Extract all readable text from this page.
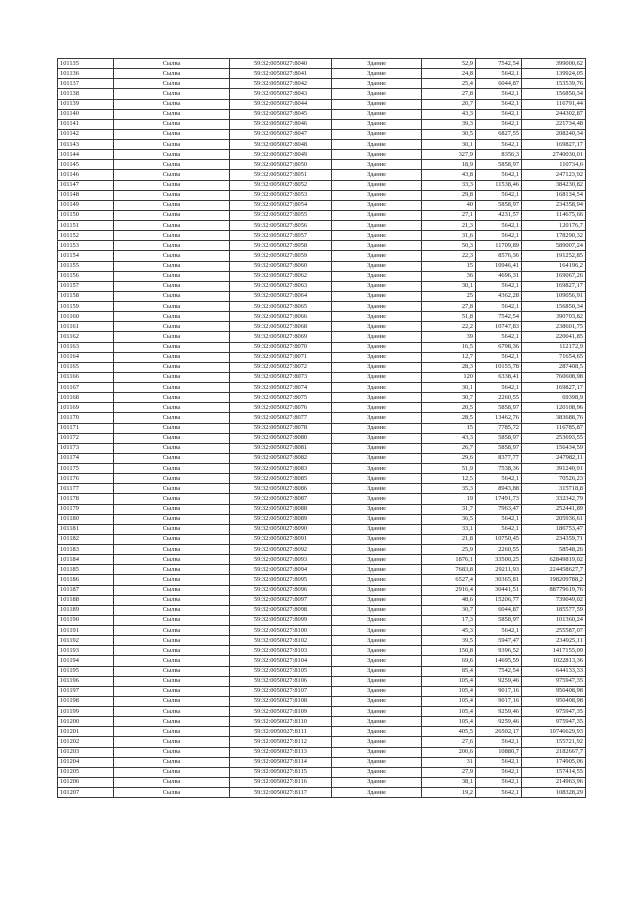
101135	Сылва	59:32:0050027:8040	Здание	52,9	7542,54	399000,62
101136	Сылва	59:32:0050027:8041	Здание	24,8	5642,1	139924,05
101137	Сылва	59:32:0050027:8042	Здание	25,4	6044,87	153539,76
101138	Сылва	59:32:0050027:8043	Здание	27,8	5642,1	156850,34
101139	Сылва	59:32:0050027:8044	Здание	20,7	5642,1	116791,44
101140	Сылва	59:32:0050027:8045	Здание	43,3	5642,1	244302,87
101141	Сылва	59:32:0050027:8046	Здание	39,3	5642,1	221734,48
101142	Сылва	59:32:0050027:8047	Здание	30,5	6827,55	208240,34
101143	Сылва	59:32:0050027:8048	Здание	30,1	5642,1	169827,17
101144	Сылва	59:32:0050027:8049	Здание	327,9	8356,3	2740030,01
101145	Сылва	59:32:0050027:8050	Здание	18,9	5858,97	110734,6
101146	Сылва	59:32:0050027:8051	Здание	43,8	5642,1	247123,92
101147	Сылва	59:32:0050027:8052	Здание	33,3	11538,46	384230,82
101148	Сылва	59:32:0050027:8053	Здание	29,8	5642,1	168134,54
101149	Сылва	59:32:0050027:8054	Здание	40	5858,97	234358,94
101150	Сылва	59:32:0050027:8055	Здание	27,1	4231,57	114675,66
101151	Сылва	59:32:0050027:8056	Здание	21,3	5642,1	120176,7
101152	Сылва	59:32:0050027:8057	Здание	31,6	5642,1	178290,32
101153	Сылва	59:32:0050027:8058	Здание	50,3	11709,89	589007,24
101154	Сылва	59:32:0050027:8059	Здание	22,3	8576,36	191252,85
101155	Сылва	59:32:0050027:8060	Здание	15	10946,41	164196,2
101156	Сылва	59:32:0050027:8062	Здание	36	4696,31	169067,26
101157	Сылва	59:32:0050027:8063	Здание	30,1	5642,1	169827,17
101158	Сылва	59:32:0050027:8064	Здание	25	4362,28	109056,91
101159	Сылва	59:32:0050027:8065	Здание	27,8	5642,1	156850,34
101160	Сылва	59:32:0050027:8066	Здание	51,8	7542,54	390703,82
101161	Сылва	59:32:0050027:8068	Здание	22,2	10747,83	238601,75
101162	Сылва	59:32:0050027:8069	Здание	39	5642,1	220041,85
101163	Сылва	59:32:0050027:8070	Здание	16,5	6798,36	112172,9
101164	Сылва	59:32:0050027:8071	Здание	12,7	5642,1	71654,65
101165	Сылва	59:32:0050027:8072	Здание	28,3	10155,78	287408,5
101166	Сылва	59:32:0050027:8073	Здание	120	6338,41	760608,98
101167	Сылва	59:32:0050027:8074	Здание	30,1	5642,1	169827,17
101168	Сылва	59:32:0050027:8075	Здание	30,7	2260,55	69398,9
101169	Сылва	59:32:0050027:8076	Здание	20,5	5858,97	120108,96
101170	Сылва	59:32:0050027:8077	Здание	28,5	13462,76	383688,76
101171	Сылва	59:32:0050027:8078	Здание	15	7785,72	116785,87
101172	Сылва	59:32:0050027:8080	Здание	43,3	5858,97	253693,55
101173	Сылва	59:32:0050027:8081	Здание	26,7	5858,97	156434,59
101174	Сылва	59:32:0050027:8082	Здание	29,6	8377,77	247982,11
101175	Сылва	59:32:0050027:8083	Здание	51,9	7538,36	391240,91
101176	Сылва	59:32:0050027:8085	Здание	12,5	5642,1	70526,23
101177	Сылва	59:32:0050027:8086	Здание	35,3	8943,88	315718,8
101178	Сылва	59:32:0050027:8087	Здание	19	17491,73	332342,79
101179	Сылва	59:32:0050027:8088	Здание	31,7	7963,47	252441,89
101180	Сылва	59:32:0050027:8089	Здание	36,5	5642,1	205936,61
101181	Сылва	59:32:0050027:8090	Здание	33,1	5642,1	186753,47
101182	Сылва	59:32:0050027:8091	Здание	21,8	10750,45	234359,71
101183	Сылва	59:32:0050027:8092	Здание	25,9	2260,55	58548,26
101184	Сылва	59:32:0050027:8093	Здание	1876,1	33500,25	62849819,02
101185	Сылва	59:32:0050027:8094	Здание	7683,8	29211,93	224458627,7
101186	Сылва	59:32:0050027:8095	Здание	6527,4	30365,81	198209788,2
101187	Сылва	59:32:0050027:8096	Здание	2916,4	30441,51	88779619,76
101188	Сылва	59:32:0050027:8097	Здание	48,6	15206,77	739049,02
101189	Сылва	59:32:0050027:8098	Здание	30,7	6044,87	185577,59
101190	Сылва	59:32:0050027:8099	Здание	17,3	5858,97	101360,24
101191	Сылва	59:32:0050027:8100	Здание	45,3	5642,1	255587,07
101192	Сылва	59:32:0050027:8102	Здание	39,5	5947,47	234925,11
101193	Сылва	59:32:0050027:8103	Здание	150,8	9396,52	1417155,09
101194	Сылва	59:32:0050027:8104	Здание	69,6	14695,59	1022813,36
101195	Сылва	59:32:0050027:8105	Здание	85,4	7542,54	644133,33
101196	Сылва	59:32:0050027:8106	Здание	105,4	9259,46	975947,35
101197	Сылва	59:32:0050027:8107	Здание	105,4	9017,16	950408,98
101198	Сылва	59:32:0050027:8108	Здание	105,4	9017,16	950408,98
101199	Сылва	59:32:0050027:8109	Здание	105,4	9259,46	975947,35
101200	Сылва	59:32:0050027:8110	Здание	105,4	9259,46	975947,35
101201	Сылва	59:32:0050027:8111	Здание	405,5	26502,17	10746629,93
101202	Сылва	59:32:0050027:8112	Здание	27,6	5642,1	155721,92
101203	Сылва	59:32:0050027:8113	Здание	200,6	10880,7	2182667,7
101204	Сылва	59:32:0050027:8114	Здание	31	5642,1	174905,06
101205	Сылва	59:32:0050027:8115	Здание	27,9	5642,1	157414,55
101206	Сылва	59:32:0050027:8116	Здание	38,1	5642,1	214963,96
101207	Сылва	59:32:0050027:8117	Здание	19,2	5642,1	108328,29
